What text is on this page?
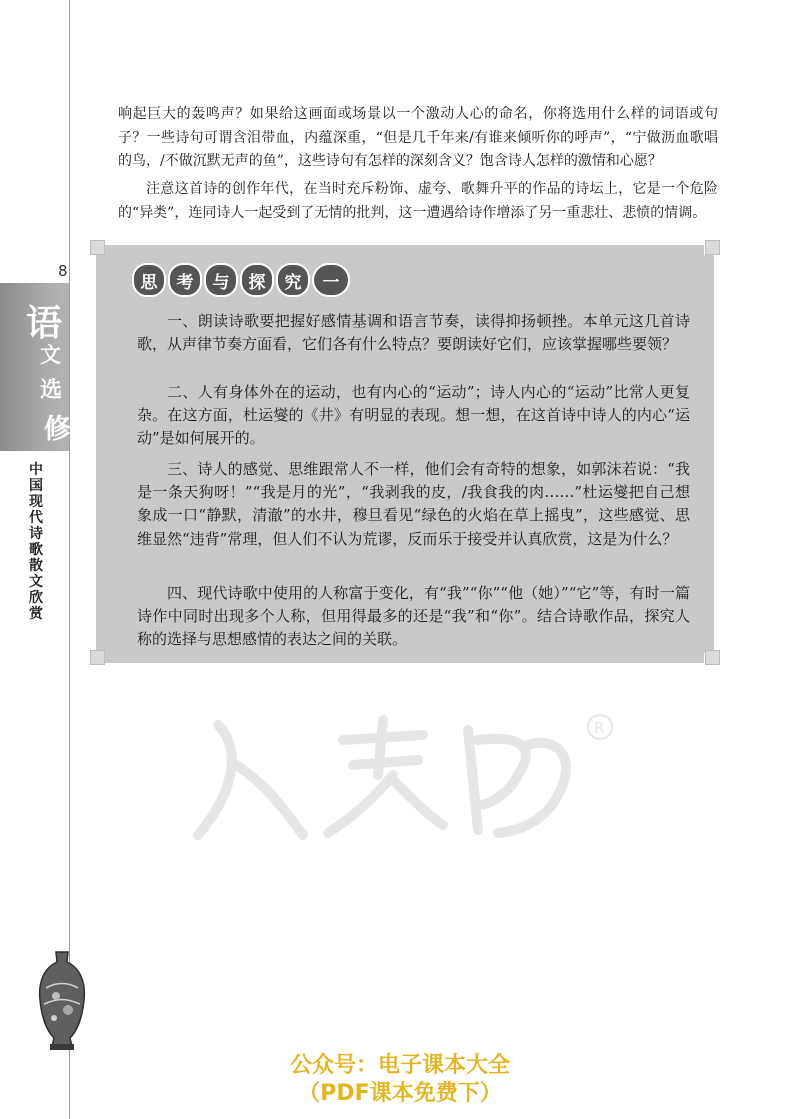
8
语
文
选
修
中
国
现
代
诗
歌
散
文
欣
赏

响起巨大的轰鸣声？如果给这画面或场景以一个激动人心的命名，你将选用什么样的词语或句子？一些诗句可谓含泪带血，内蕴深重，“但是几千年来/有谁来倾听你的呼声”，“宁做沥血歌唱的鸟，/不做沉默无声的鱼”，这些诗句有怎样的深刻含义？饱含诗人怎样的激情和心愿？

注意这首诗的创作年代，在当时充斥粉饰、虚夸、歌舞升平的作品的诗坛上，它是一个危险的“异类”，连同诗人一起受到了无情的批判，这一遭遇给诗作增添了另一重悲壮、悲愤的情调。

思	考	与	探	究	一

一、朗读诗歌要把握好感情基调和语言节奏，读得抑扬顿挫。本单元这几首诗歌，从声律节奏方面看，它们各有什么特点？要朗读好它们，应该掌握哪些要领？

二、人有身体外在的运动，也有内心的“运动”；诗人内心的“运动”比常人更复杂。在这方面，杜运燮的《井》有明显的表现。想一想，在这首诗中诗人的内心“运动”是如何展开的。

三、诗人的感觉、思维跟常人不一样，他们会有奇特的想象，如郭沫若说：“我是一条天狗呀！”“我是月的光”，“我剥我的皮，/我食我的肉……”杜运燮把自己想象成一口“静默，清澈”的水井，穆旦看见“绿色的火焰在草上摇曳”，这些感觉、思维显然“违背”常理，但人们不认为荒谬，反而乐于接受并认真欣赏，这是为什么？

四、现代诗歌中使用的人称富于变化，有“我”“你”“他（她）”“它”等，有时一篇诗作中同时出现多个人称，但用得最多的还是“我”和“你”。结合诗歌作品，探究人称的选择与思想感情的表达之间的关联。

R
公众号：电子课本大全
（PDF课本免费下）
